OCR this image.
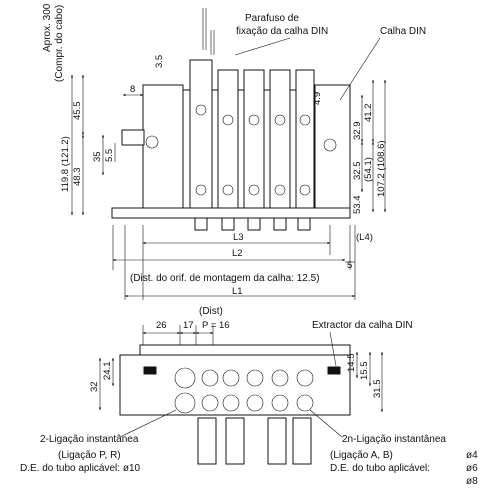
Aprox. 300 (Compr. do cabo)	Parafuso de
fixação da calha DIN	Calha DIN
119.8 (121.2)
45.5
48.3
35 5.5
8
3.5
4.9
32.9
41.2
32.5 (54.1)
53.4
107.2 (108.6)
L3	(L4)
L2
5
(Dist. do orif. de montagem da calha: 12.5)
L1
(Dist)
26 17 P = 16	Extractor da calha DIN
32
24.1	14.5 15.5
31.5
2-Ligação instantânea
(Ligação P, R)
D.E. do tubo aplicável: ø10
2n-Ligação instantânea
(Ligação A, B)
D.E. do tubo aplicável:
ø4
ø6
ø8
